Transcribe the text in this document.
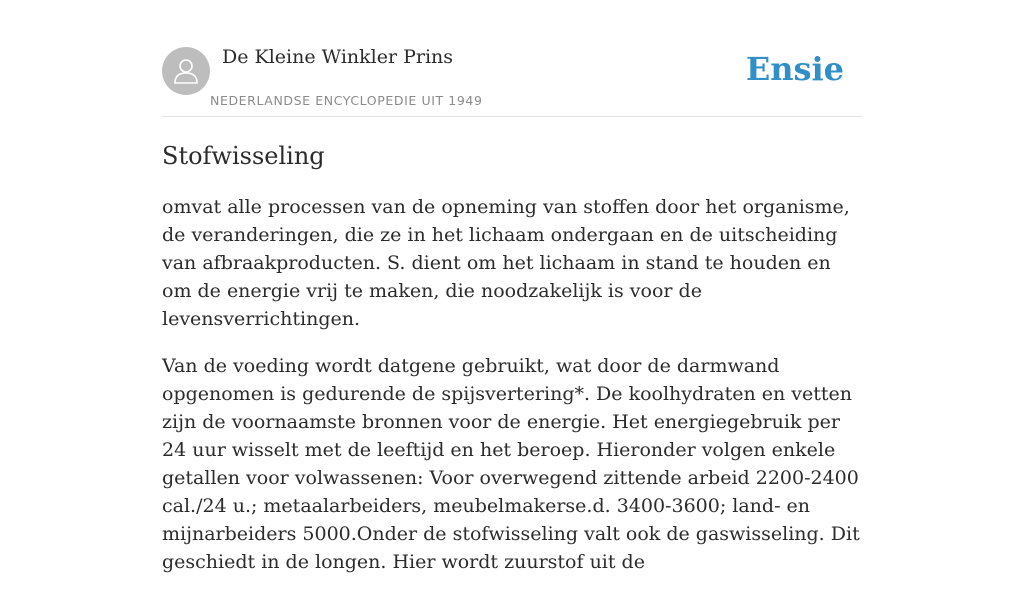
De Kleine Winkler Prins
NEDERLANDSE ENCYCLOPEDIE UIT 1949
Ensie
Stofwisseling

omvat alle processen van de opneming van stoffen door het organisme, de veranderingen, die ze in het lichaam ondergaan en de uitscheiding van afbraakproducten. S. dient om het lichaam in stand te houden en om de energie vrij te maken, die noodzakelijk is voor de levensverrichtingen.

Van de voeding wordt datgene gebruikt, wat door de darmwand opgenomen is gedurende de spijsvertering*. De koolhydraten en vetten zijn de voornaamste bronnen voor de energie. Het energiegebruik per 24 uur wisselt met de leeftijd en het beroep. Hieronder volgen enkele getallen voor volwassenen: Voor overwegend zittende arbeid 2200-2400 cal./24 u.; metaalarbeiders, meubelmakerse.d. 3400-3600; land- en mijnarbeiders 5000.Onder de stofwisseling valt ook de gaswisseling. Dit geschiedt in de longen. Hier wordt zuurstof uit de
